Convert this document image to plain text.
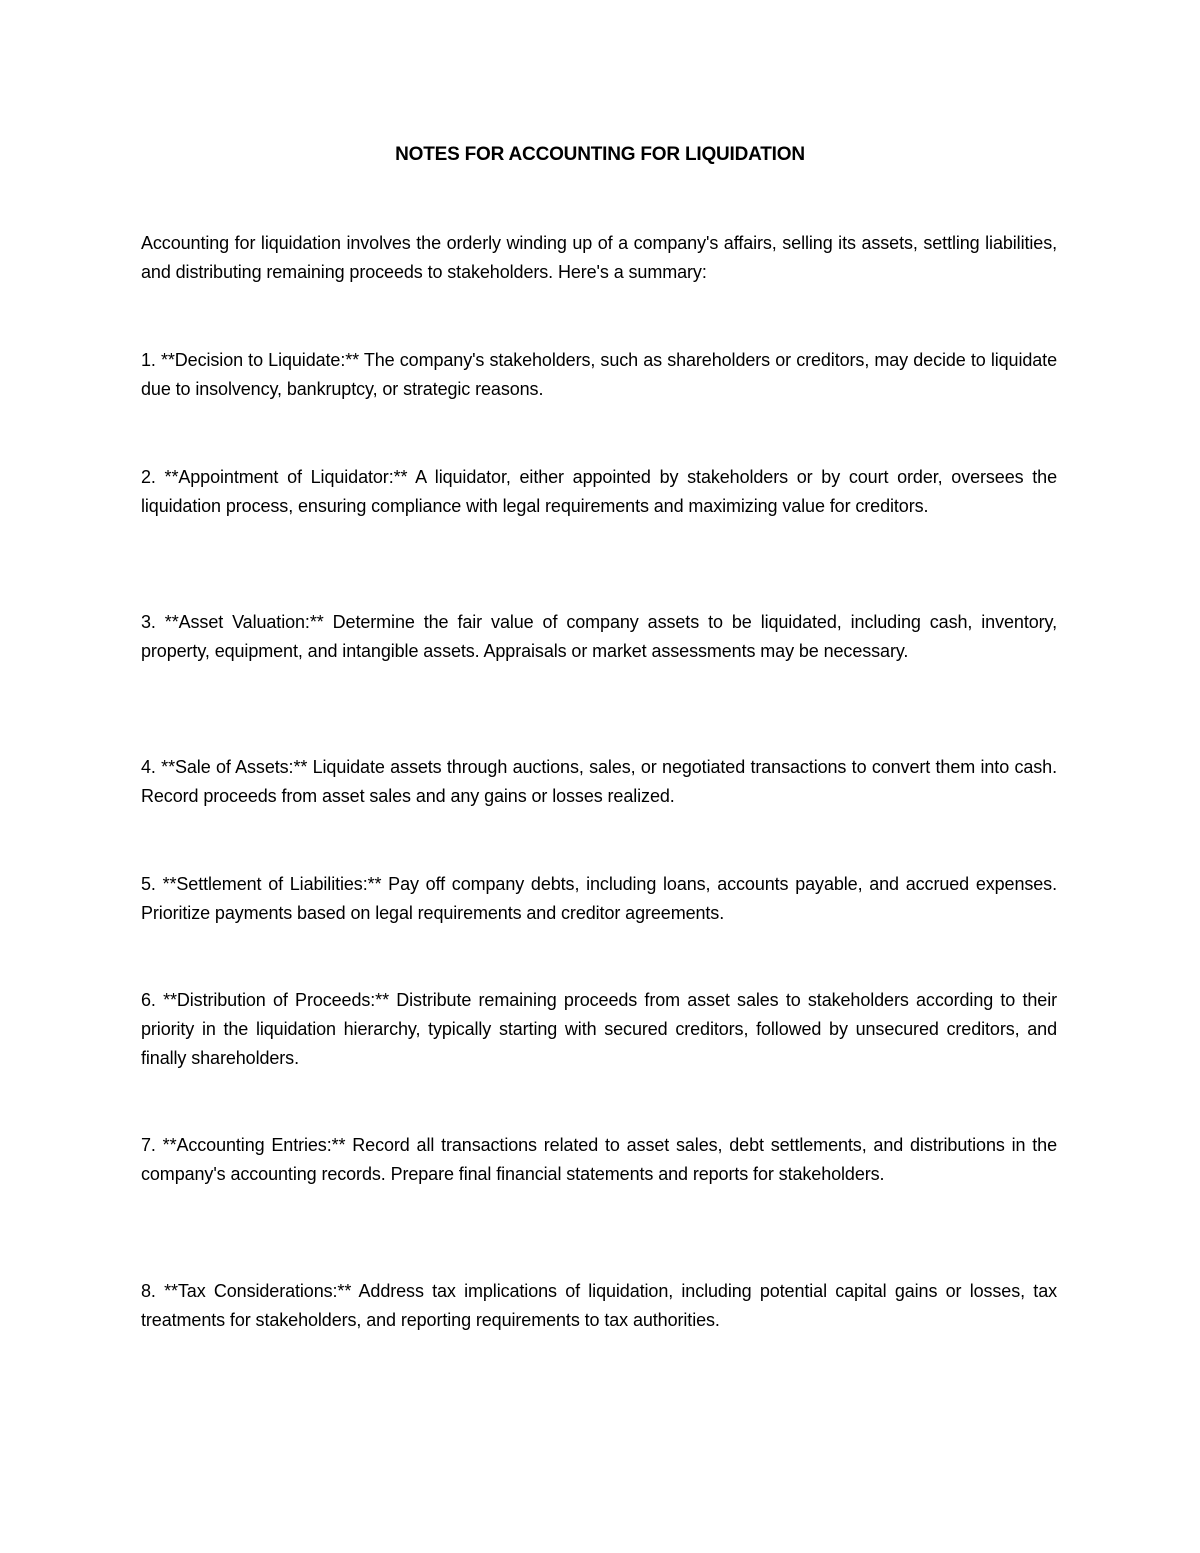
NOTES FOR ACCOUNTING FOR LIQUIDATION

Accounting for liquidation involves the orderly winding up of a company's affairs, selling its assets, settling liabilities, and distributing remaining proceeds to stakeholders. Here's a summary:

1. **Decision to Liquidate:** The company's stakeholders, such as shareholders or creditors, may decide to liquidate due to insolvency, bankruptcy, or strategic reasons.

2. **Appointment of Liquidator:** A liquidator, either appointed by stakeholders or by court order, oversees the liquidation process, ensuring compliance with legal requirements and maximizing value for creditors.

3. **Asset Valuation:** Determine the fair value of company assets to be liquidated, including cash, inventory, property, equipment, and intangible assets. Appraisals or market assessments may be necessary.

4. **Sale of Assets:** Liquidate assets through auctions, sales, or negotiated transactions to convert them into cash. Record proceeds from asset sales and any gains or losses realized.

5. **Settlement of Liabilities:** Pay off company debts, including loans, accounts payable, and accrued expenses. Prioritize payments based on legal requirements and creditor agreements.

6. **Distribution of Proceeds:** Distribute remaining proceeds from asset sales to stakeholders according to their priority in the liquidation hierarchy, typically starting with secured creditors, followed by unsecured creditors, and finally shareholders.

7. **Accounting Entries:** Record all transactions related to asset sales, debt settlements, and distributions in the company's accounting records. Prepare final financial statements and reports for stakeholders.

8. **Tax Considerations:** Address tax implications of liquidation, including potential capital gains or losses, tax treatments for stakeholders, and reporting requirements to tax authorities.
